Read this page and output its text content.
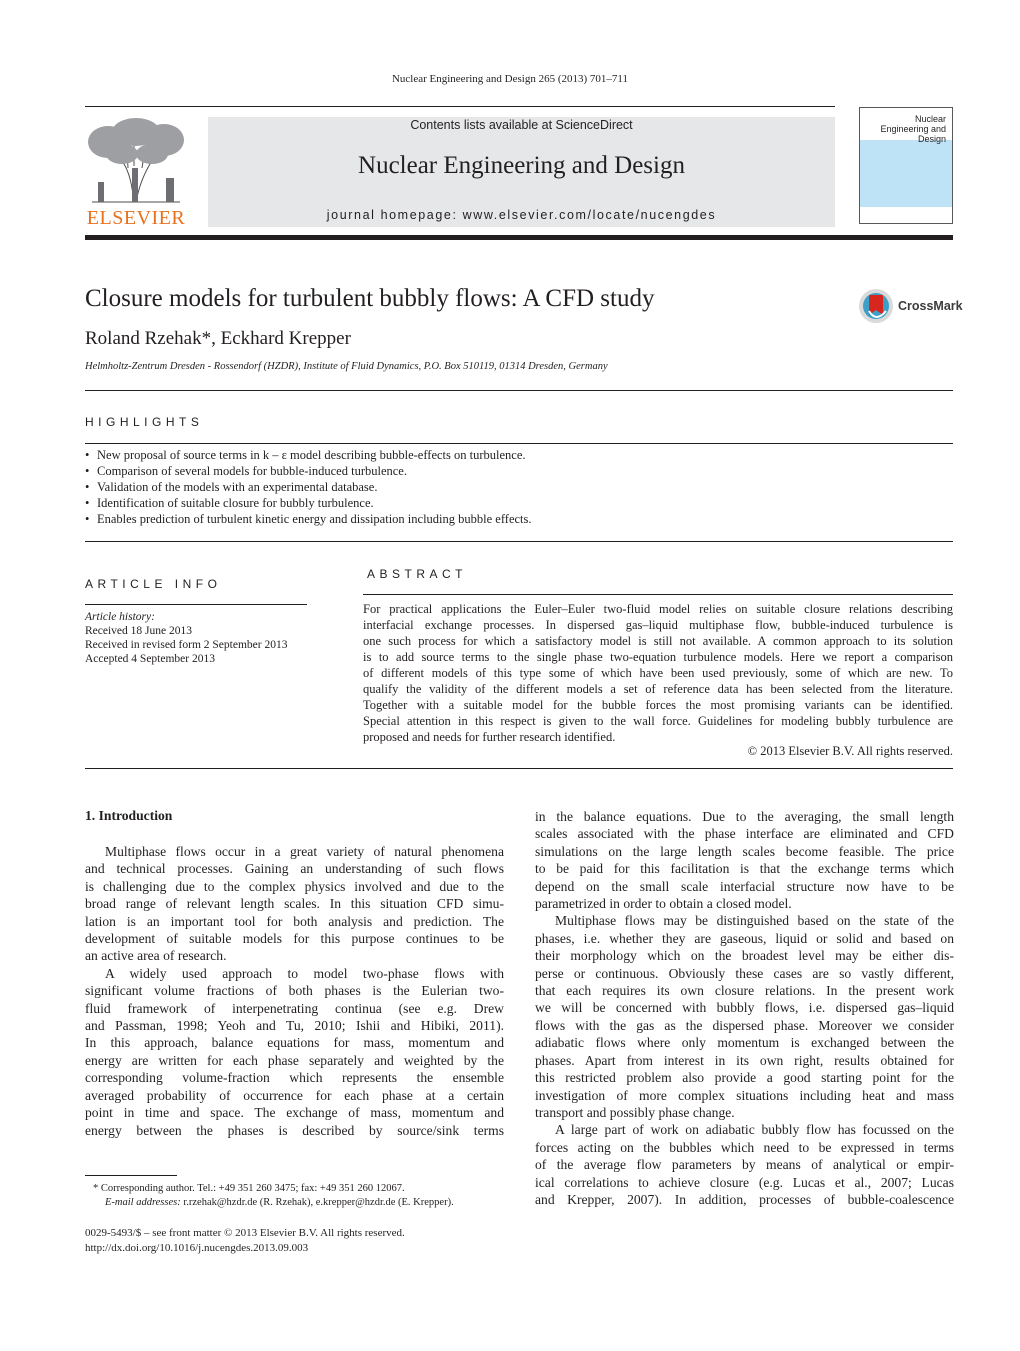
Nuclear Engineering and Design 265 (2013) 701–711
ELSEVIER
Contents lists available at ScienceDirect
Nuclear Engineering and Design
journal homepage: www.elsevier.com/locate/nucengdes
Nuclear Engineering and Design
Closure models for turbulent bubbly flows: A CFD study	CrossMark
Roland Rzehak*, Eckhard Krepper
Helmholtz-Zentrum Dresden - Rossendorf (HZDR), Institute of Fluid Dynamics, P.O. Box 510119, 01314 Dresden, Germany
HIGHLIGHTS
• New proposal of source terms in k – ε model describing bubble-effects on turbulence.
• Comparison of several models for bubble-induced turbulence.
• Validation of the models with an experimental database.
• Identification of suitable closure for bubbly turbulence.
• Enables prediction of turbulent kinetic energy and dissipation including bubble effects.
ARTICLE INFO
Article history:
Received 18 June 2013
Received in revised form 2 September 2013
Accepted 4 September 2013
ABSTRACT
For practical applications the Euler–Euler two-fluid model relies on suitable closure relations describing
interfacial exchange processes. In dispersed gas–liquid multiphase flow, bubble-induced turbulence is
one such process for which a satisfactory model is still not available. A common approach to its solution
is to add source terms to the single phase two-equation turbulence models. Here we report a comparison
of different models of this type some of which have been used previously, some of which are new. To
qualify the validity of the different models a set of reference data has been selected from the literature.
Together with a suitable model for the bubble forces the most promising variants can be identified.
Special attention in this respect is given to the wall force. Guidelines for modeling bubbly turbulence are
proposed and needs for further research identified.
© 2013 Elsevier B.V. All rights reserved.
1. Introduction
Multiphase flows occur in a great variety of natural phenomena
and technical processes. Gaining an understanding of such flows
is challenging due to the complex physics involved and due to the
broad range of relevant length scales. In this situation CFD simu-
lation is an important tool for both analysis and prediction. The
development of suitable models for this purpose continues to be
an active area of research.
A widely used approach to model two-phase flows with
significant volume fractions of both phases is the Eulerian two-
fluid framework of interpenetrating continua (see e.g. Drew
and Passman, 1998; Yeoh and Tu, 2010; Ishii and Hibiki, 2011).
In this approach, balance equations for mass, momentum and
energy are written for each phase separately and weighted by the
corresponding volume-fraction which represents the ensemble
averaged probability of occurrence for each phase at a certain
point in time and space. The exchange of mass, momentum and
energy between the phases is described by source/sink terms
in the balance equations. Due to the averaging, the small length
scales associated with the phase interface are eliminated and CFD
simulations on the large length scales become feasible. The price
to be paid for this facilitation is that the exchange terms which
depend on the small scale interfacial structure now have to be
parametrized in order to obtain a closed model.
Multiphase flows may be distinguished based on the state of the
phases, i.e. whether they are gaseous, liquid or solid and based on
their morphology which on the broadest level may be either dis-
perse or continuous. Obviously these cases are so vastly different,
that each requires its own closure relations. In the present work
we will be concerned with bubbly flows, i.e. dispersed gas–liquid
flows with the gas as the dispersed phase. Moreover we consider
adiabatic flows where only momentum is exchanged between the
phases. Apart from interest in its own right, results obtained for
this restricted problem also provide a good starting point for the
investigation of more complex situations including heat and mass
transport and possibly phase change.
A large part of work on adiabatic bubbly flow has focussed on the
forces acting on the bubbles which need to be expressed in terms
of the average flow parameters by means of analytical or empir-
ical correlations to achieve closure (e.g. Lucas et al., 2007; Lucas
and Krepper, 2007). In addition, processes of bubble-coalescence
* Corresponding author. Tel.: +49 351 260 3475; fax: +49 351 260 12067.
E-mail addresses: r.rzehak@hzdr.de (R. Rzehak), e.krepper@hzdr.de (E. Krepper).
0029-5493/$ – see front matter © 2013 Elsevier B.V. All rights reserved.
http://dx.doi.org/10.1016/j.nucengdes.2013.09.003
